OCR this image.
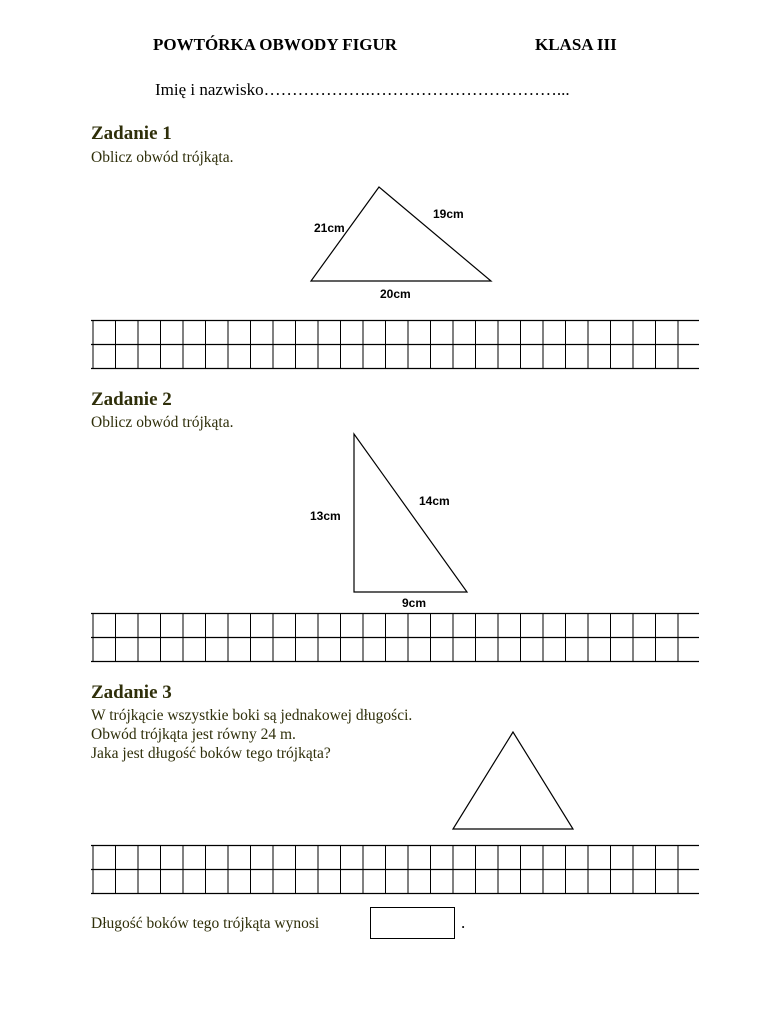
POWTÓRKA OBWODY FIGUR	KLASA III
Imię i nazwisko……………….……………………………...
Zadanie 1
Oblicz obwód trójkąta.
21cm
19cm
20cm
Zadanie 2
Oblicz obwód trójkąta.
13cm
14cm
9cm
Zadanie 3
W trójkącie wszystkie boki są jednakowej długości.
Obwód trójkąta jest równy 24 m.
Jaka jest długość boków tego trójkąta?
Długość boków tego trójkąta wynosi	.
